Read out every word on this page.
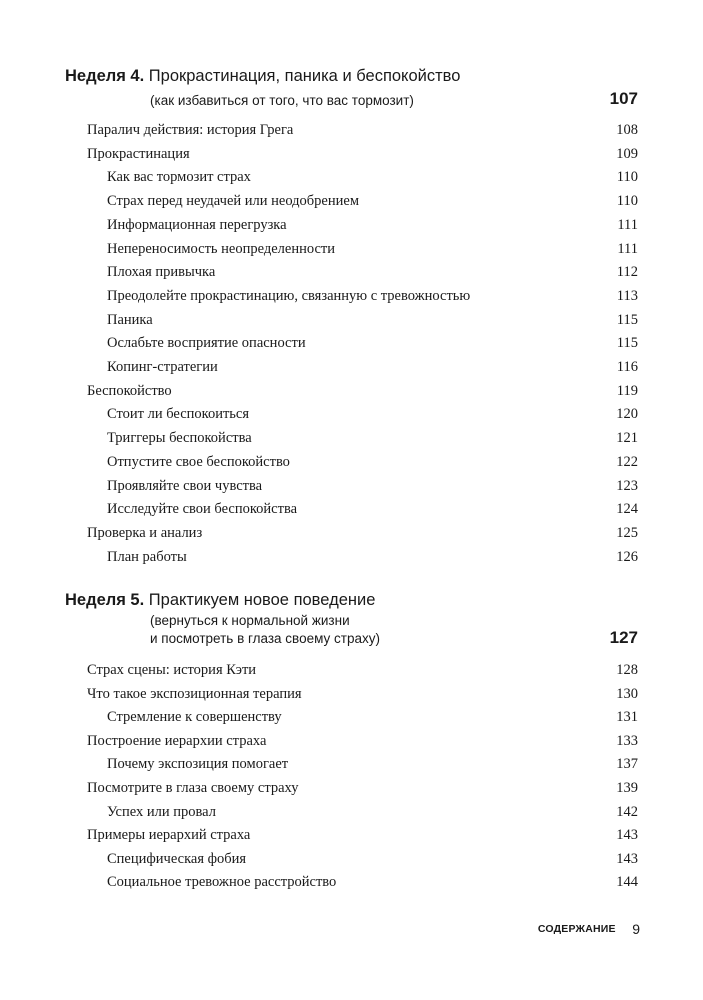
Неделя 4. Прокрастинация, паника и беспокойство
(как избавиться от того, что вас тормозит)	107
Паралич действия: история Грега	108
Прокрастинация	109
Как вас тормозит страх	110
Страх перед неудачей или неодобрением	110
Информационная перегрузка	111
Непереносимость неопределенности	111
Плохая привычка	112
Преодолейте прокрастинацию, связанную с тревожностью	113
Паника	115
Ослабьте восприятие опасности	115
Копинг-стратегии	116
Беспокойство	119
Стоит ли беспокоиться	120
Триггеры беспокойства	121
Отпустите свое беспокойство	122
Проявляйте свои чувства	123
Исследуйте свои беспокойства	124
Проверка и анализ	125
План работы	126
Неделя 5. Практикуем новое поведение
(вернуться к нормальной жизни
и посмотреть в глаза своему страху)	127
Страх сцены: история Кэти	128
Что такое экспозиционная терапия	130
Стремление к совершенству	131
Построение иерархии страха	133
Почему экспозиция помогает	137
Посмотрите в глаза своему страху	139
Успех или провал	142
Примеры иерархий страха	143
Специфическая фобия	143
Социальное тревожное расстройство	144
СОДЕРЖАНИЕ 9
